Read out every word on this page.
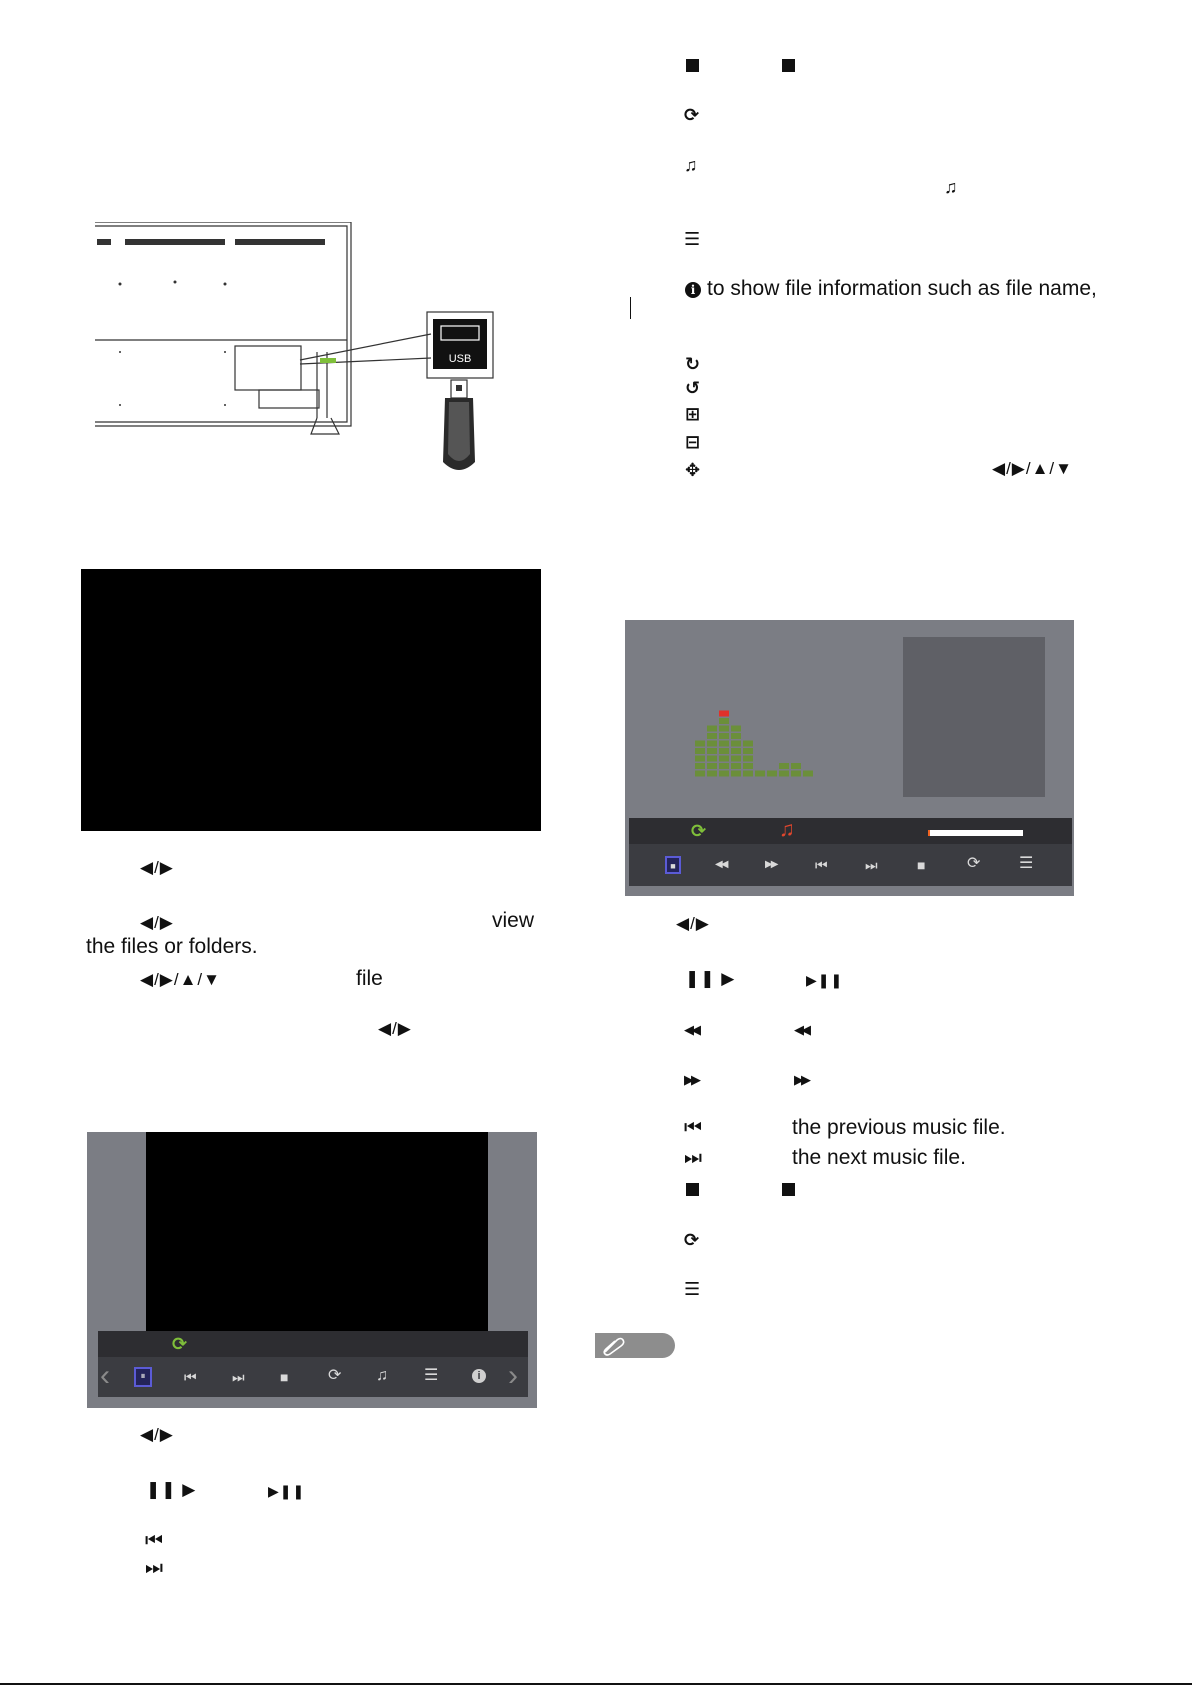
⟳
♫
♫
☰
i to show file information such as file name,
↻
↺
⊞
⊟
✥	◀/▶/▲/▼
USB
◀/▶
◀/▶	view
the files or folders.
◀/▶/▲/▼	file
◀/▶
⟳
‹	⏸	⏮	⏭	■ ⟳ ♫ ☰	i ›
◀/▶
❚❚ ▶	▶❚❚
⏮
⏭
⟳	♫
■	◀◀	▶▶	⏮	⏭	■	⟳ ☰
◀/▶
❚❚ ▶	▶❚❚
◀◀	◀◀
▶▶	▶▶
⏮	the previous music file.
⏭	the next music file.
⟳
☰
